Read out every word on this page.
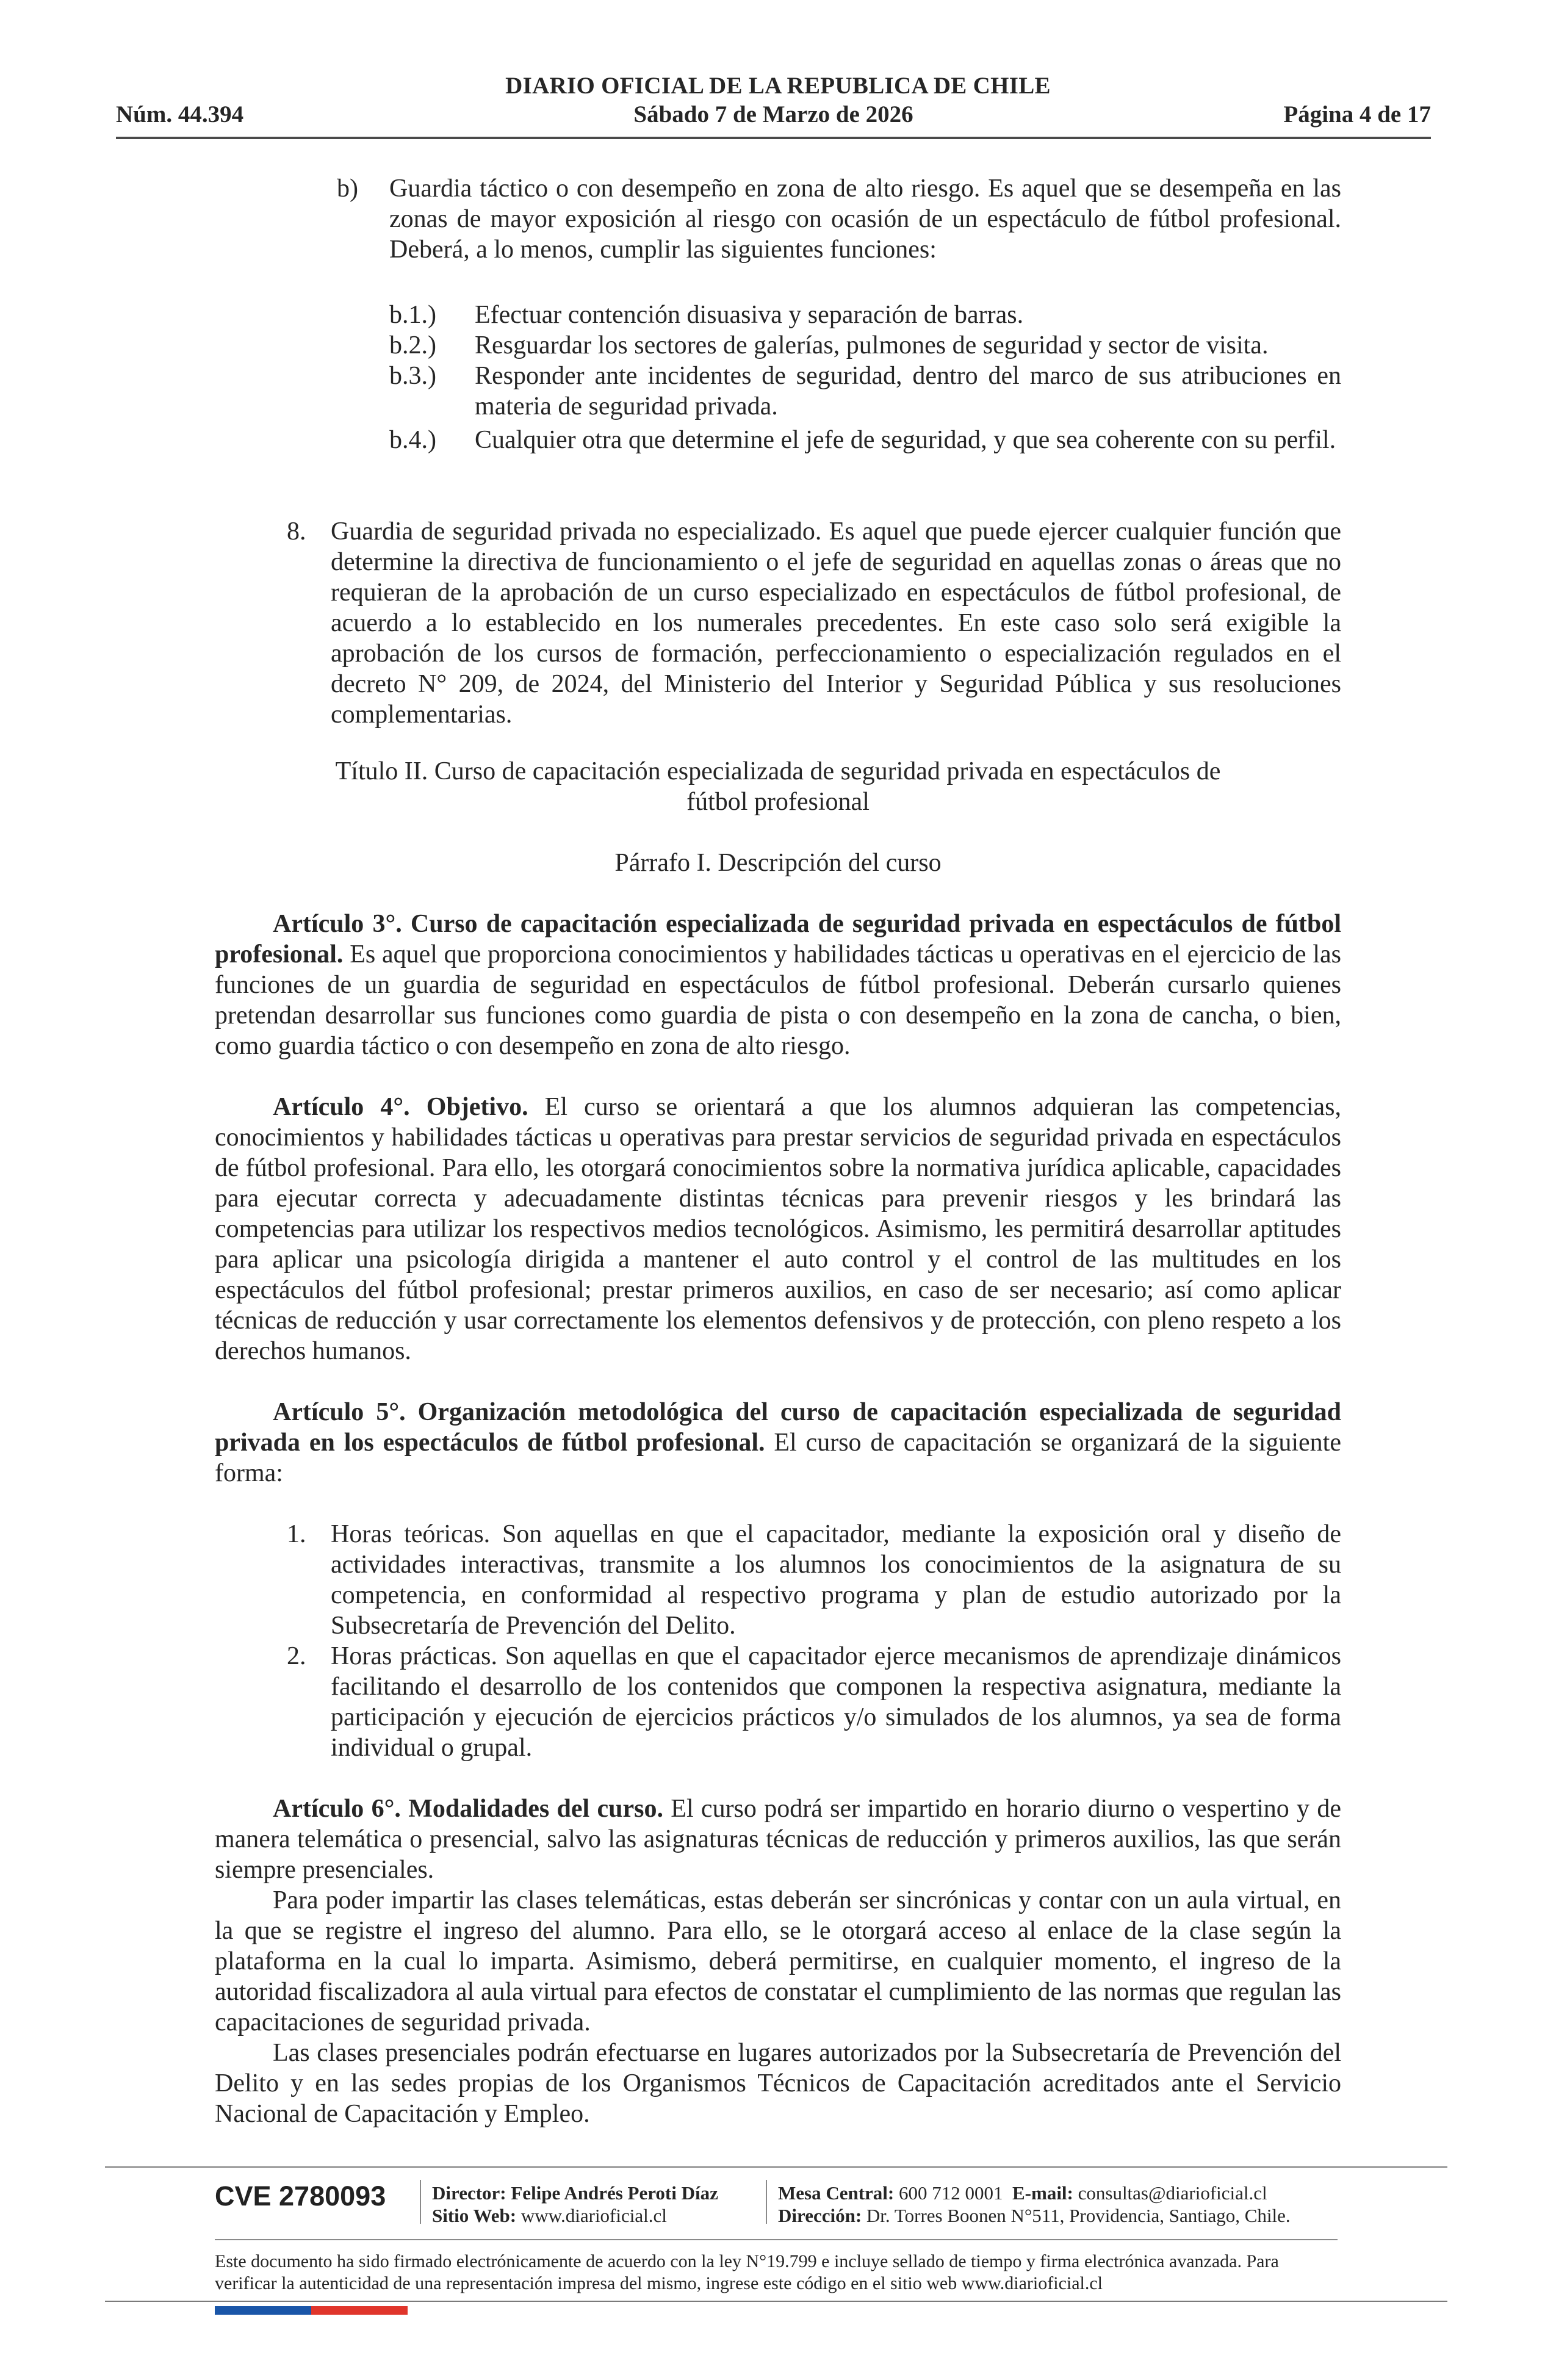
DIARIO OFICIAL DE LA REPUBLICA DE CHILE
Sábado 7 de Marzo de 2026
Núm. 44.394	Página 4 de 17
b) Guardia táctico o con desempeño en zona de alto riesgo. Es aquel que se desempeña en las zonas de mayor exposición al riesgo con ocasión de un espectáculo de fútbol profesional. Deberá, a lo menos, cumplir las siguientes funciones:
b.1.) Efectuar contención disuasiva y separación de barras.
b.2.) Resguardar los sectores de galerías, pulmones de seguridad y sector de visita.
b.3.) Responder ante incidentes de seguridad, dentro del marco de sus atribuciones en materia de seguridad privada.
b.4.) Cualquier otra que determine el jefe de seguridad, y que sea coherente con su perfil.
8. Guardia de seguridad privada no especializado. Es aquel que puede ejercer cualquier función que determine la directiva de funcionamiento o el jefe de seguridad en aquellas zonas o áreas que no requieran de la aprobación de un curso especializado en espectáculos de fútbol profesional, de acuerdo a lo establecido en los numerales precedentes. En este caso solo será exigible la aprobación de los cursos de formación, perfeccionamiento o especialización regulados en el decreto N° 209, de 2024, del Ministerio del Interior y Seguridad Pública y sus resoluciones complementarias.
Título II. Curso de capacitación especializada de seguridad privada en espectáculos de
fútbol profesional
Párrafo I. Descripción del curso
Artículo 3°. Curso de capacitación especializada de seguridad privada en espectáculos de fútbol profesional. Es aquel que proporciona conocimientos y habilidades tácticas u operativas en el ejercicio de las funciones de un guardia de seguridad en espectáculos de fútbol profesional. Deberán cursarlo quienes pretendan desarrollar sus funciones como guardia de pista o con desempeño en la zona de cancha, o bien, como guardia táctico o con desempeño en zona de alto riesgo.
Artículo 4°. Objetivo. El curso se orientará a que los alumnos adquieran las competencias, conocimientos y habilidades tácticas u operativas para prestar servicios de seguridad privada en espectáculos de fútbol profesional. Para ello, les otorgará conocimientos sobre la normativa jurídica aplicable, capacidades para ejecutar correcta y adecuadamente distintas técnicas para prevenir riesgos y les brindará las competencias para utilizar los respectivos medios tecnológicos. Asimismo, les permitirá desarrollar aptitudes para aplicar una psicología dirigida a mantener el auto control y el control de las multitudes en los espectáculos del fútbol profesional; prestar primeros auxilios, en caso de ser necesario; así como aplicar técnicas de reducción y usar correctamente los elementos defensivos y de protección, con pleno respeto a los derechos humanos.
Artículo 5°. Organización metodológica del curso de capacitación especializada de seguridad privada en los espectáculos de fútbol profesional. El curso de capacitación se organizará de la siguiente forma:
1. Horas teóricas. Son aquellas en que el capacitador, mediante la exposición oral y diseño de actividades interactivas, transmite a los alumnos los conocimientos de la asignatura de su competencia, en conformidad al respectivo programa y plan de estudio autorizado por la Subsecretaría de Prevención del Delito.
2. Horas prácticas. Son aquellas en que el capacitador ejerce mecanismos de aprendizaje dinámicos facilitando el desarrollo de los contenidos que componen la respectiva asignatura, mediante la participación y ejecución de ejercicios prácticos y/o simulados de los alumnos, ya sea de forma individual o grupal.
Artículo 6°. Modalidades del curso. El curso podrá ser impartido en horario diurno o vespertino y de manera telemática o presencial, salvo las asignaturas técnicas de reducción y primeros auxilios, las que serán siempre presenciales.
Para poder impartir las clases telemáticas, estas deberán ser sincrónicas y contar con un aula virtual, en la que se registre el ingreso del alumno. Para ello, se le otorgará acceso al enlace de la clase según la plataforma en la cual lo imparta. Asimismo, deberá permitirse, en cualquier momento, el ingreso de la autoridad fiscalizadora al aula virtual para efectos de constatar el cumplimiento de las normas que regulan las capacitaciones de seguridad privada.
Las clases presenciales podrán efectuarse en lugares autorizados por la Subsecretaría de Prevención del Delito y en las sedes propias de los Organismos Técnicos de Capacitación acreditados ante el Servicio Nacional de Capacitación y Empleo.
CVE 2780093 Director: Felipe Andrés Peroti Díaz
Sitio Web: www.diarioficial.cl
Mesa Central: 600 712 0001 E-mail: consultas@diarioficial.cl
Dirección: Dr. Torres Boonen N°511, Providencia, Santiago, Chile.
Este documento ha sido firmado electrónicamente de acuerdo con la ley N°19.799 e incluye sellado de tiempo y firma electrónica avanzada. Para verificar la autenticidad de una representación impresa del mismo, ingrese este código en el sitio web www.diarioficial.cl
